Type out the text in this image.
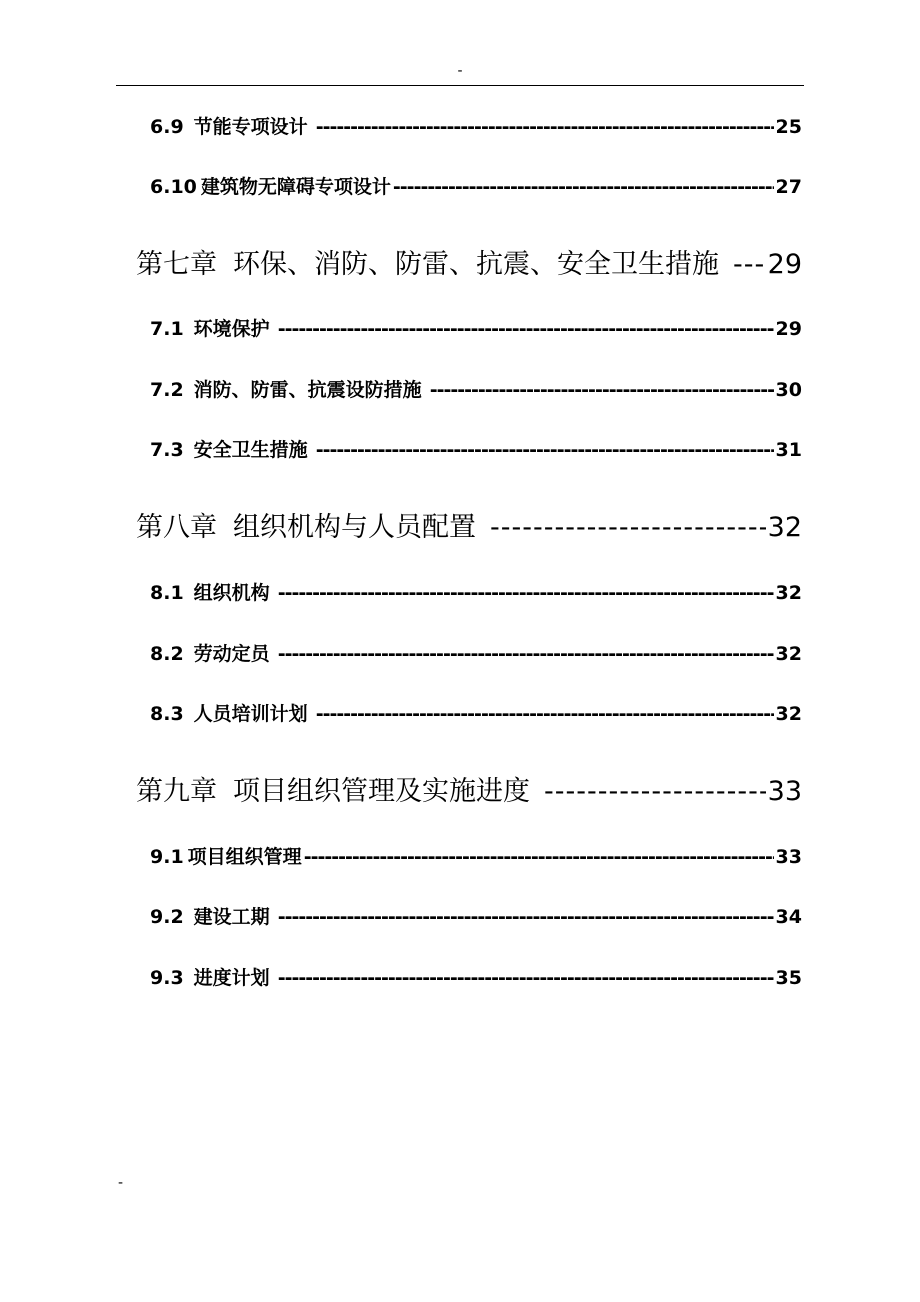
-
6.9 节能专项设计 -----	25
6.10 建筑物无障碍专项设计 -----	27
第七章 环保、消防、防雷、抗震、安全卫生措施 ----- 29
7.1 环境保护 -----	29
7.2 消防、防雷、抗震设防措施 -----	30
7.3 安全卫生措施 -----	31
第八章 组织机构与人员配置 -----	32
8.1 组织机构 -----	32
8.2 劳动定员 -----	32
8.3 人员培训计划 -----	32
第九章 项目组织管理及实施进度 -----	33
9.1 项目组织管理 -----	33
9.2 建设工期 -----	34
9.3 进度计划 -----	35
-
